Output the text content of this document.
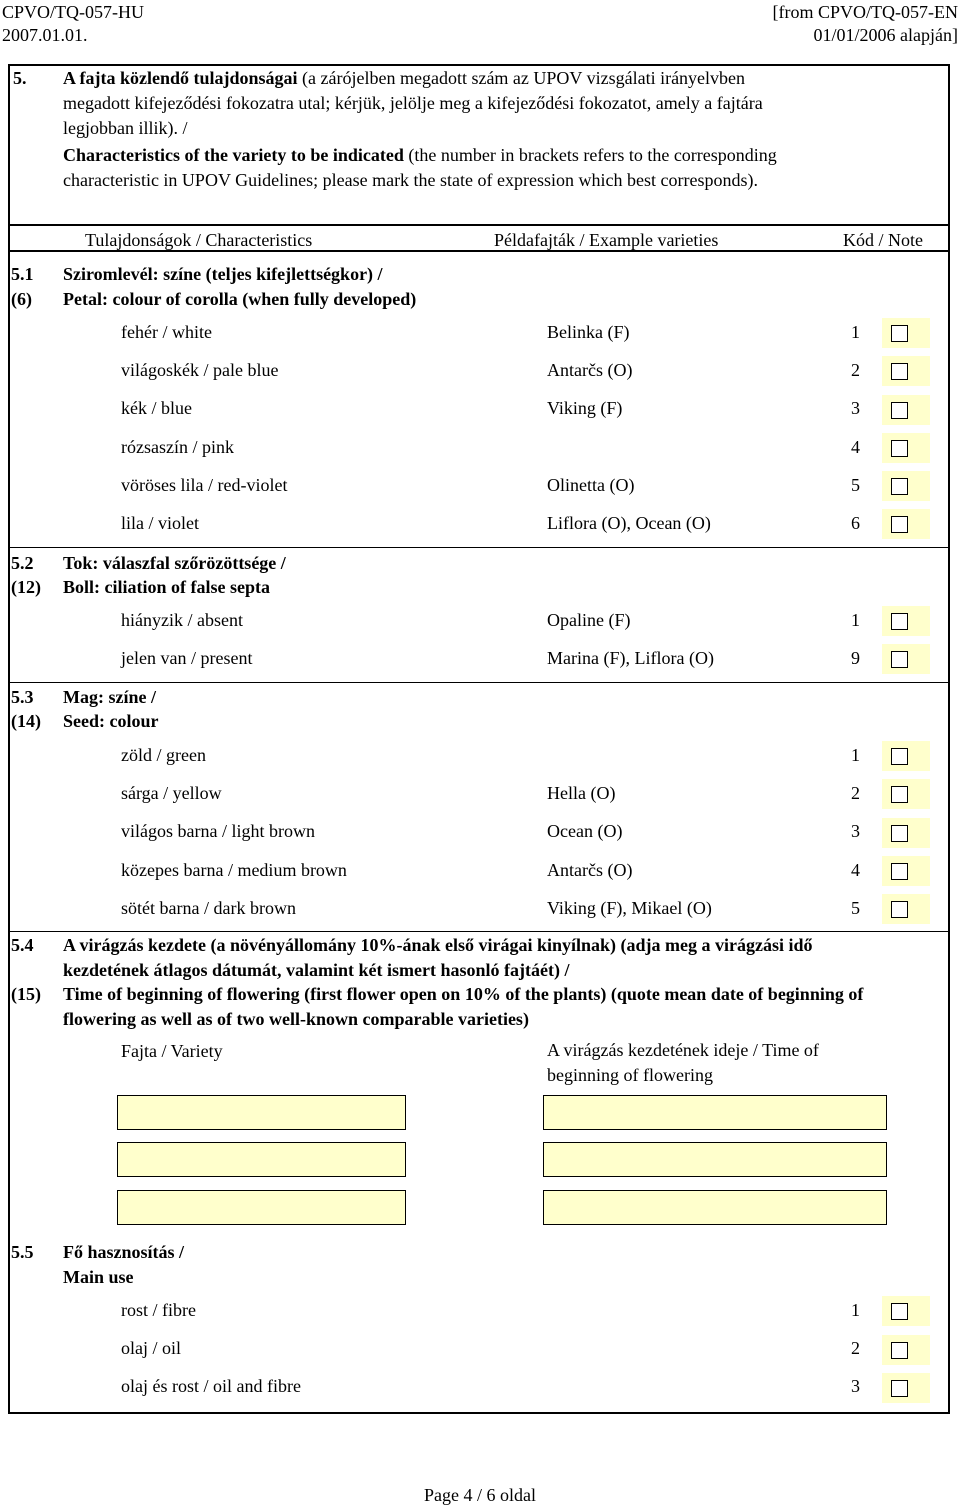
CPVO/TQ-057-HU
2007.01.01.
[from CPVO/TQ-057-EN
01/01/2006 alapján]
5. A fajta közlendő tulajdonságai (a zárójelben megadott szám az UPOV vizsgálati irányelvben
megadott kifejeződési fokozatra utal; kérjük, jelölje meg a kifejeződési fokozatot, amely a fajtára
legjobban illik). /
Characteristics of the variety to be indicated (the number in brackets refers to the corresponding
characteristic in UPOV Guidelines; please mark the state of expression which best corresponds).
Tulajdonságok / Characteristics	Példafajták / Example varieties	Kód / Note
5.1
(6)
Sziromlevél: színe (teljes kifejlettségkor) /
Petal: colour of corolla (when fully developed)
fehér / white	Belinka (F)	1
világoskék / pale blue	Antarčs (O)	2
kék / blue	Viking (F)	3
rózsaszín / pink	4
vöröses lila / red-violet	Olinetta (O)	5
lila / violet	Liflora (O), Ocean (O)	6
5.2
(12)
Tok: válaszfal szőrözöttsége /
Boll: ciliation of false septa
hiányzik / absent	Opaline (F)	1
jelen van / present	Marina (F), Liflora (O)	9
5.3
(14)
Mag: színe /
Seed: colour
zöld / green	1
sárga / yellow	Hella (O)	2
világos barna / light brown	Ocean (O)	3
közepes barna / medium brown	Antarčs (O)	4
sötét barna / dark brown	Viking (F), Mikael (O)	5
5.4
(15)
A virágzás kezdete (a növényállomány 10%-ának első virágai kinyílnak) (adja meg a virágzási idő
kezdetének átlagos dátumát, valamint két ismert hasonló fajtáét) /
Time of beginning of flowering (first flower open on 10% of the plants) (quote mean date of beginning of
flowering as well as of two well-known comparable varieties)
Fajta / Variety	A virágzás kezdetének ideje / Time of beginning of flowering
5.5 Fő hasznosítás /
Main use
rost / fibre	1
olaj / oil	2
olaj és rost / oil and fibre	3
Page 4 / 6 oldal
